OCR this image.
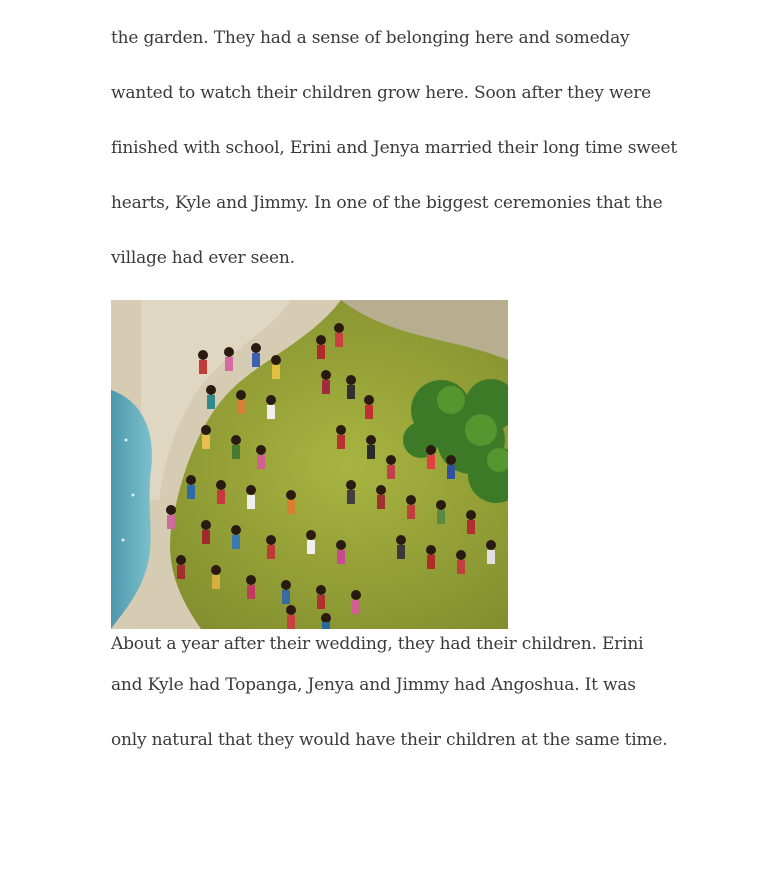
the garden. They had a sense of belonging here and someday
wanted to watch their children grow here. Soon after they were
finished with school, Erini and Jenya married their long time sweet
hearts, Kyle and Jimmy. In one of the biggest ceremonies that the
village had ever seen.
About a year after their wedding, they had their children. Erini
and Kyle had Topanga, Jenya and Jimmy had Angoshua. It was
only natural that they would have their children at the same time.
